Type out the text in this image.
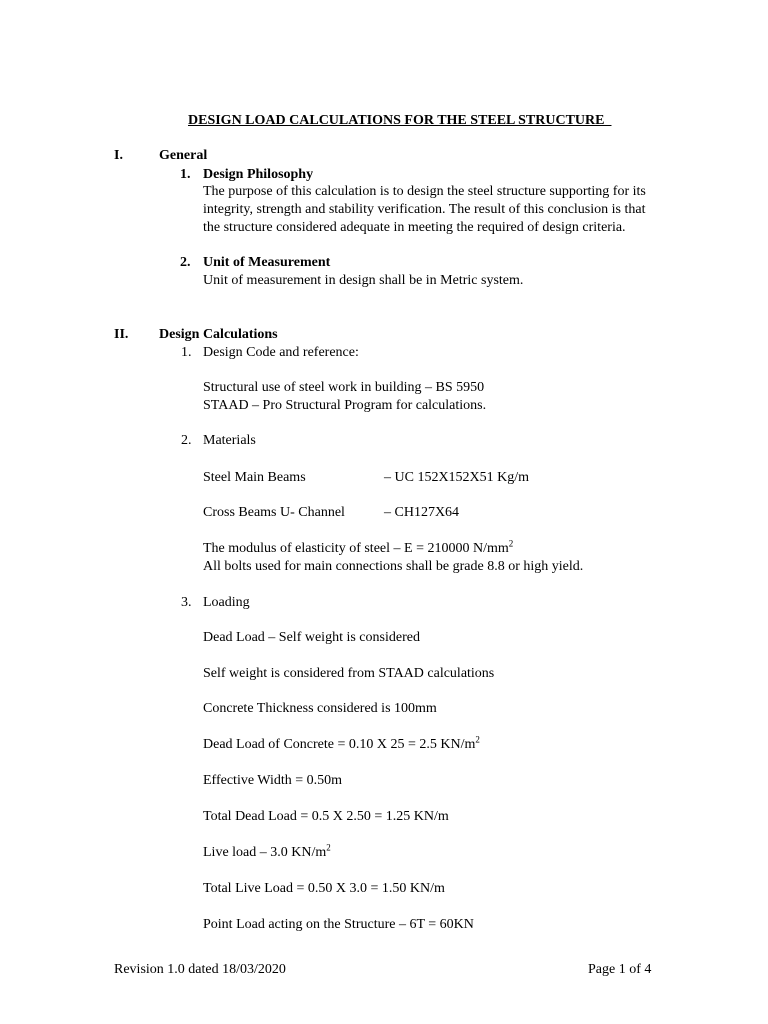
DESIGN LOAD CALCULATIONS FOR THE STEEL STRUCTURE
I.	General
1. Design Philosophy
The purpose of this calculation is to design the steel structure supporting for its
integrity, strength and stability verification. The result of this conclusion is that
the structure considered adequate in meeting the required of design criteria.
2. Unit of Measurement
Unit of measurement in design shall be in Metric system.
II. Design Calculations
1. Design Code and reference:
Structural use of steel work in building – BS 5950
STAAD – Pro Structural Program for calculations.
2. Materials
Steel Main Beams	– UC 152X152X51 Kg/m
Cross Beams U- Channel	– CH127X64
The modulus of elasticity of steel – E = 210000 $N/mm^2$
All bolts used for main connections shall be grade 8.8 or high yield.
3. Loading
Dead Load – Self weight is considered
Self weight is considered from STAAD calculations
Concrete Thickness considered is 100mm
Dead Load of Concrete = 0.10 X 25 = 2.5 $KN/m^2$
Effective Width = 0.50m
Total Dead Load = 0.5 X 2.50 = 1.25 KN/m
Live load – 3.0 $KN/m^2$
Total Live Load = 0.50 X 3.0 = 1.50 KN/m
Point Load acting on the Structure – 6T = 60KN
Revision 1.0 dated 18/03/2020	Page 1 of 4
